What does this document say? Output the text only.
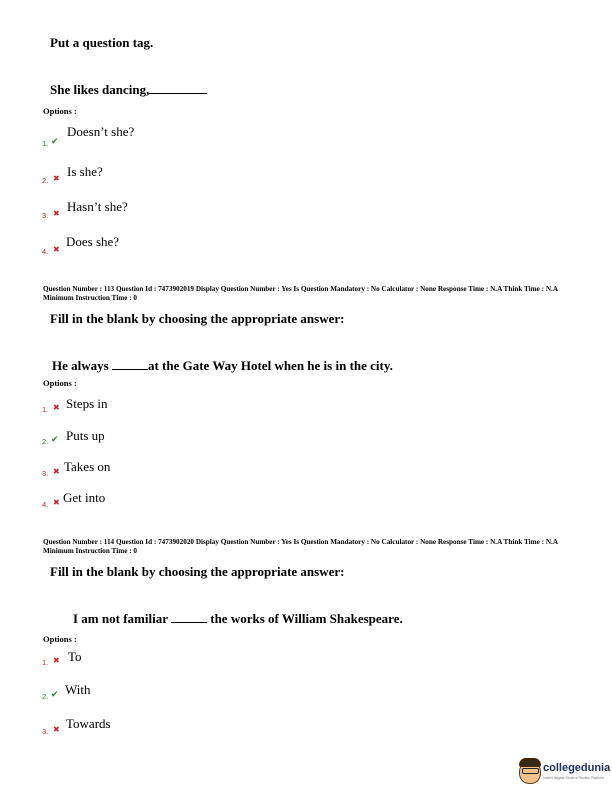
Put a question tag.
She likes dancing,
Options :
1. ✔
Doesn’t she?
2. ✖ Is she?
3. ✖ Hasn’t she?
4. ✖
Does she?
Question Number : 113 Question Id : 7473902019 Display Question Number : Yes Is Question Mandatory : No Calculator : None Response Time : N.A Think Time : N.A Minimum Instruction Time : 0
Fill in the blank by choosing the appropriate answer:
He always	at the Gate Way Hotel when he is in the city.
Options :
1. ✖ Steps in
2. ✔ Puts up
3. ✖ Takes on
4. ✖ Get into
Question Number : 114 Question Id : 7473902020 Display Question Number : Yes Is Question Mandatory : No Calculator : None Response Time : N.A Think Time : N.A Minimum Instruction Time : 0
Fill in the blank by choosing the appropriate answer:
I am not familiar	the works of William Shakespeare.
Options :
1. ✖ To
2. ✔ With
3. ✖ Towards
collegedunia
India's largest Student Review Platform
